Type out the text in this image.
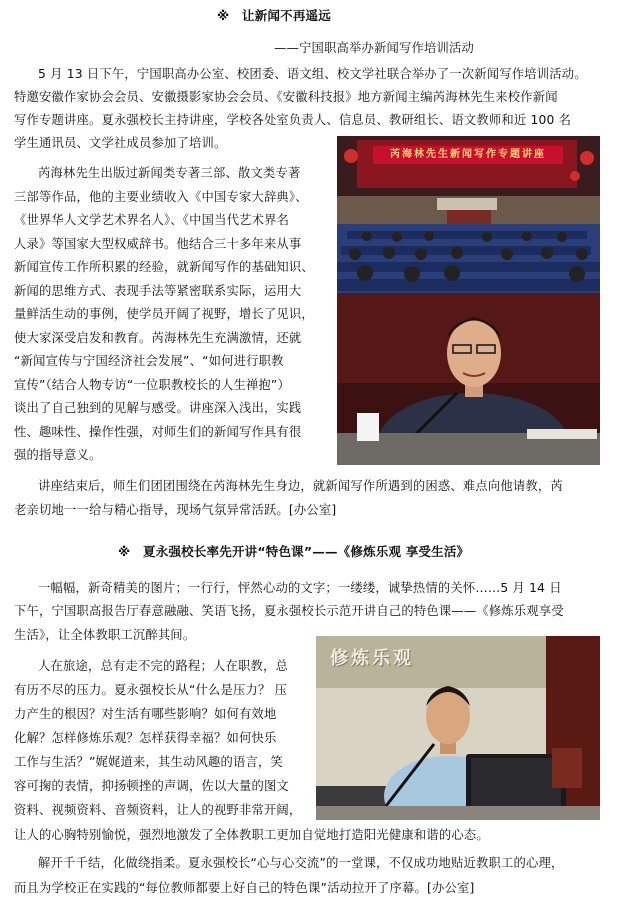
※　让新闻不再遥远
——宁国职高举办新闻写作培训活动
5 月 13 日下午，宁国职高办公室、校团委、语文组、校文学社联合举办了一次新闻写作培训活动。
特邀安徽作家协会会员、安徽摄影家协会会员、《安徽科技报》地方新闻主编芮海林先生来校作新闻
写作专题讲座。夏永强校长主持讲座，学校各处室负责人、信息员、教研组长、语文教师和近 100 名
学生通讯员、文学社成员参加了培训。
芮海林先生出版过新闻类专著三部、散文类专著
三部等作品，他的主要业绩收入《中国专家大辞典》、
《世界华人文学艺术界名人》、《中国当代艺术界名
人录》等国家大型权威辞书。他结合三十多年来从事
新闻宣传工作所积累的经验，就新闻写作的基础知识、
新闻的思维方式、表现手法等紧密联系实际，运用大
量鲜活生动的事例，使学员开阔了视野，增长了见识，
使大家深受启发和教育。芮海林先生充满激情，还就
“新闻宣传与宁国经济社会发展”、“如何进行职教
宣传”（结合人物专访“一位职教校长的人生禅抱”）
谈出了自己独到的见解与感受。讲座深入浅出，实践
性、趣味性、操作性强，对师生们的新闻写作具有很
强的指导意义。
讲座结束后，师生们团团围绕在芮海林先生身边，就新闻写作所遇到的困惑、难点向他请教，芮
老亲切地一一给与精心指导，现场气氛异常活跃。[办公室]
芮海林先生新闻写作专题讲座
※　夏永强校长率先开讲“特色课”——《修炼乐观 享受生活》
一幅幅，新奇精美的图片；一行行，怦然心动的文字；一缕缕，诚挚热情的关怀……5 月 14 日
下午，宁国职高报告厅春意融融、笑语飞扬，夏永强校长示范开讲自己的特色课——《修炼乐观享受
生活》，让全体教职工沉醉其间。
人在旅途，总有走不完的路程；人在职教，总
有历不尽的压力。夏永强校长从“什么是压力？ 压
力产生的根因？对生活有哪些影响？如何有效地
化解？怎样修炼乐观？怎样获得幸福？如何快乐
工作与生活？”娓娓道来，其生动风趣的语言，笑
容可掬的表情，抑扬顿挫的声调，佐以大量的图文
资料、视频资料、音频资料，让人的视野非常开阔，
让人的心胸特别愉悦，强烈地激发了全体教职工更加自觉地打造阳光健康和谐的心态。
解开千千结，化做绕指柔。夏永强校长“心与心交流”的一堂课，不仅成功地贴近教职工的心理，
而且为学校正在实践的“每位教师都要上好自己的特色课”活动拉开了序幕。[办公室]
修炼乐观
